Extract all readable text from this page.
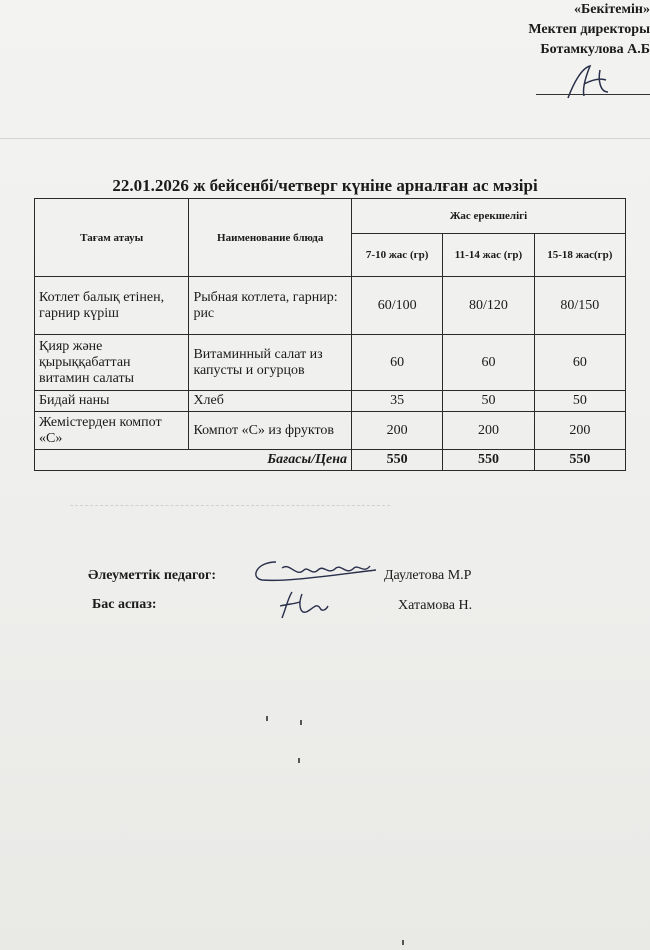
«Бекітемін»
Мектеп директоры
Ботамкулова А.Б
22.01.2026 ж бейсенбі/четверг күніне арналған ас мәзірі
Тағам атауы	Наименование блюда	Жас ерекшелігі		
		7-10 жас (гр)	11-14 жас (гр)	15-18 жас(гр)
Котлет балық етінен, гарнир күріш	Рыбная котлета, гарнир: рис	60/100	80/120	80/150
Қияр және қырыққабаттан витамин салаты	Витаминный салат из капусты и огурцов	60	60	60
Бидай наны	Хлеб	35	50	50
Жемістерден компот «С»	Компот «С» из фруктов	200	200	200
Бағасы/Цена		550	550	550
Әлеуметтік педагог:	Даулетова М.Р
Бас аспаз:	Хатамова Н.
